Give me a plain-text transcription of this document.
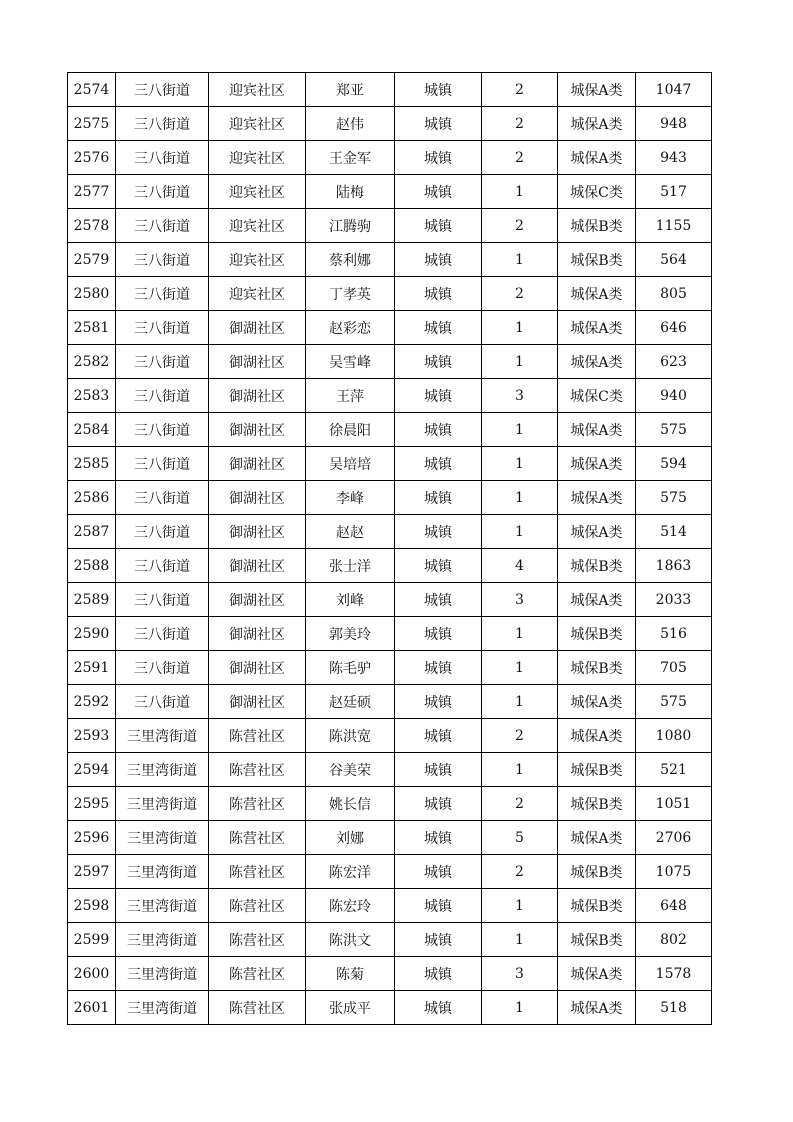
2574	三八街道	迎宾社区	郑亚	城镇	2	城保A类	1047
2575	三八街道	迎宾社区	赵伟	城镇	2	城保A类	948
2576	三八街道	迎宾社区	王金军	城镇	2	城保A类	943
2577	三八街道	迎宾社区	陆梅	城镇	1	城保C类	517
2578	三八街道	迎宾社区	江腾驹	城镇	2	城保B类	1155
2579	三八街道	迎宾社区	蔡利娜	城镇	1	城保B类	564
2580	三八街道	迎宾社区	丁孝英	城镇	2	城保A类	805
2581	三八街道	御湖社区	赵彩恋	城镇	1	城保A类	646
2582	三八街道	御湖社区	吴雪峰	城镇	1	城保A类	623
2583	三八街道	御湖社区	王萍	城镇	3	城保C类	940
2584	三八街道	御湖社区	徐晨阳	城镇	1	城保A类	575
2585	三八街道	御湖社区	吴培培	城镇	1	城保A类	594
2586	三八街道	御湖社区	李峰	城镇	1	城保A类	575
2587	三八街道	御湖社区	赵赵	城镇	1	城保A类	514
2588	三八街道	御湖社区	张士洋	城镇	4	城保B类	1863
2589	三八街道	御湖社区	刘峰	城镇	3	城保A类	2033
2590	三八街道	御湖社区	郭美玲	城镇	1	城保B类	516
2591	三八街道	御湖社区	陈毛驴	城镇	1	城保B类	705
2592	三八街道	御湖社区	赵廷硕	城镇	1	城保A类	575
2593	三里湾街道	陈营社区	陈洪宽	城镇	2	城保A类	1080
2594	三里湾街道	陈营社区	谷美荣	城镇	1	城保B类	521
2595	三里湾街道	陈营社区	姚长信	城镇	2	城保B类	1051
2596	三里湾街道	陈营社区	刘娜	城镇	5	城保A类	2706
2597	三里湾街道	陈营社区	陈宏洋	城镇	2	城保B类	1075
2598	三里湾街道	陈营社区	陈宏玲	城镇	1	城保B类	648
2599	三里湾街道	陈营社区	陈洪文	城镇	1	城保B类	802
2600	三里湾街道	陈营社区	陈菊	城镇	3	城保A类	1578
2601	三里湾街道	陈营社区	张成平	城镇	1	城保A类	518
